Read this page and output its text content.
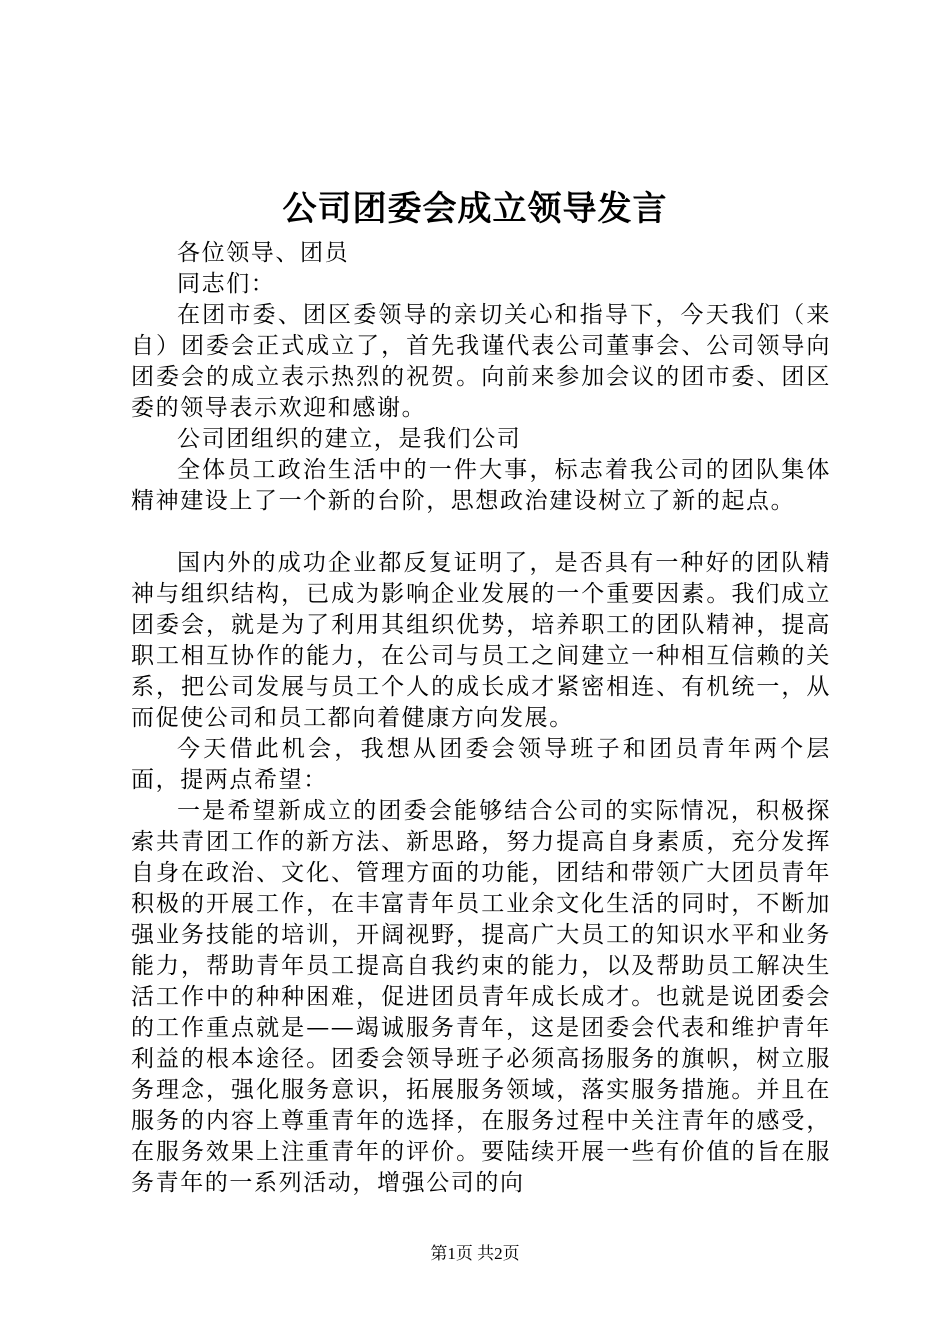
公司团委会成立领导发言

各位领导、团员

同志们：

在团市委、团区委领导的亲切关心和指导下，今天我们（来自）团委会正式成立了，首先我谨代表公司董事会、公司领导向团委会的成立表示热烈的祝贺。向前来参加会议的团市委、团区委的领导表示欢迎和感谢。

公司团组织的建立，是我们公司

全体员工政治生活中的一件大事，标志着我公司的团队集体精神建设上了一个新的台阶，思想政治建设树立了新的起点。

国内外的成功企业都反复证明了，是否具有一种好的团队精神与组织结构，已成为影响企业发展的一个重要因素。我们成立团委会，就是为了利用其组织优势，培养职工的团队精神，提高职工相互协作的能力，在公司与员工之间建立一种相互信赖的关系，把公司发展与员工个人的成长成才紧密相连、有机统一，从而促使公司和员工都向着健康方向发展。

今天借此机会，我想从团委会领导班子和团员青年两个层面，提两点希望：

一是希望新成立的团委会能够结合公司的实际情况，积极探索共青团工作的新方法、新思路，努力提高自身素质，充分发挥自身在政治、文化、管理方面的功能，团结和带领广大团员青年积极的开展工作，在丰富青年员工业余文化生活的同时，不断加强业务技能的培训，开阔视野，提高广大员工的知识水平和业务能力，帮助青年员工提高自我约束的能力，以及帮助员工解决生活工作中的种种困难，促进团员青年成长成才。也就是说团委会的工作重点就是——竭诚服务青年，这是团委会代表和维护青年利益的根本途径。团委会领导班子必须高扬服务的旗帜，树立服务理念，强化服务意识，拓展服务领域，落实服务措施。并且在服务的内容上尊重青年的选择，在服务过程中关注青年的感受，在服务效果上注重青年的评价。要陆续开展一些有价值的旨在服务青年的一系列活动，增强公司的向

第1页 共2页
